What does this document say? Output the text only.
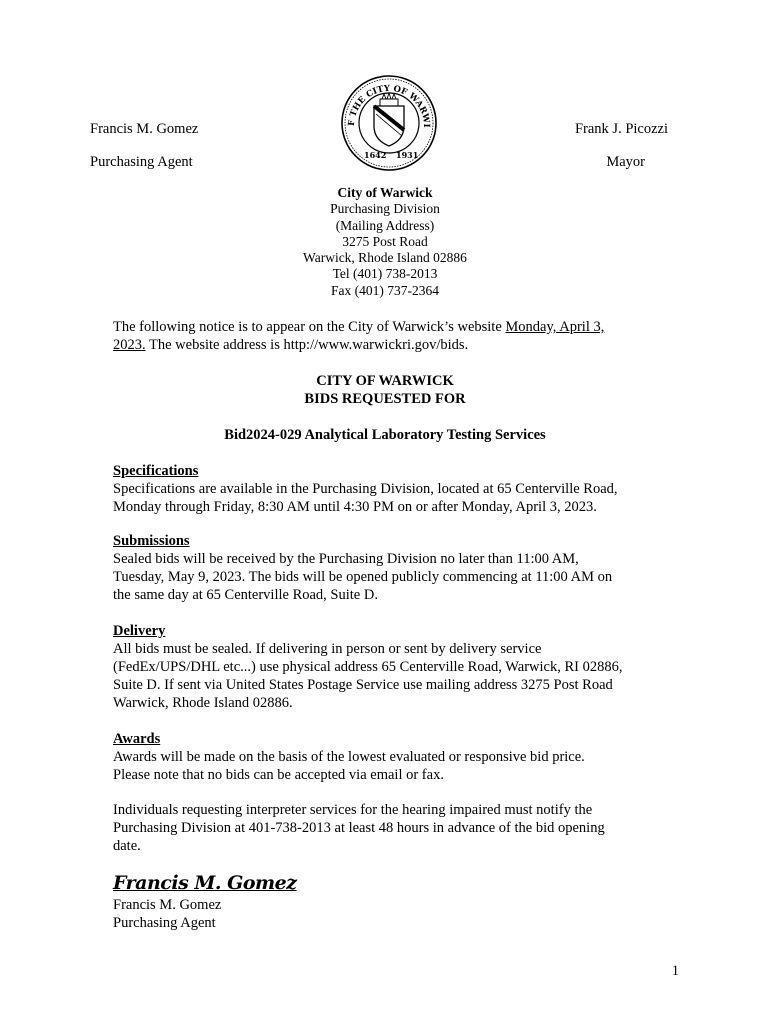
F THE CITY OF WARWI
1642 1931
Francis M. Gomez
Purchasing Agent
Frank J. Picozzi
Mayor
City of Warwick
Purchasing Division
(Mailing Address)
3275 Post Road
Warwick, Rhode Island 02886
Tel (401) 738-2013
Fax (401) 737-2364
The following notice is to appear on the City of Warwick’s website Monday, April 3,
2023. The website address is http://www.warwickri.gov/bids.
CITY OF WARWICK
BIDS REQUESTED FOR
Bid2024-029 Analytical Laboratory Testing Services
Specifications
Specifications are available in the Purchasing Division, located at 65 Centerville Road,
Monday through Friday, 8:30 AM until 4:30 PM on or after Monday, April 3, 2023.
Submissions
Sealed bids will be received by the Purchasing Division no later than 11:00 AM,
Tuesday, May 9, 2023. The bids will be opened publicly commencing at 11:00 AM on
the same day at 65 Centerville Road, Suite D.
Delivery
All bids must be sealed. If delivering in person or sent by delivery service
(FedEx/UPS/DHL etc...) use physical address 65 Centerville Road, Warwick, RI 02886,
Suite D. If sent via United States Postage Service use mailing address 3275 Post Road
Warwick, Rhode Island 02886.
Awards
Awards will be made on the basis of the lowest evaluated or responsive bid price.
Please note that no bids can be accepted via email or fax.
Individuals requesting interpreter services for the hearing impaired must notify the
Purchasing Division at 401-738-2013 at least 48 hours in advance of the bid opening
date.
Francis M. Gomez
Francis M. Gomez
Purchasing Agent
1
